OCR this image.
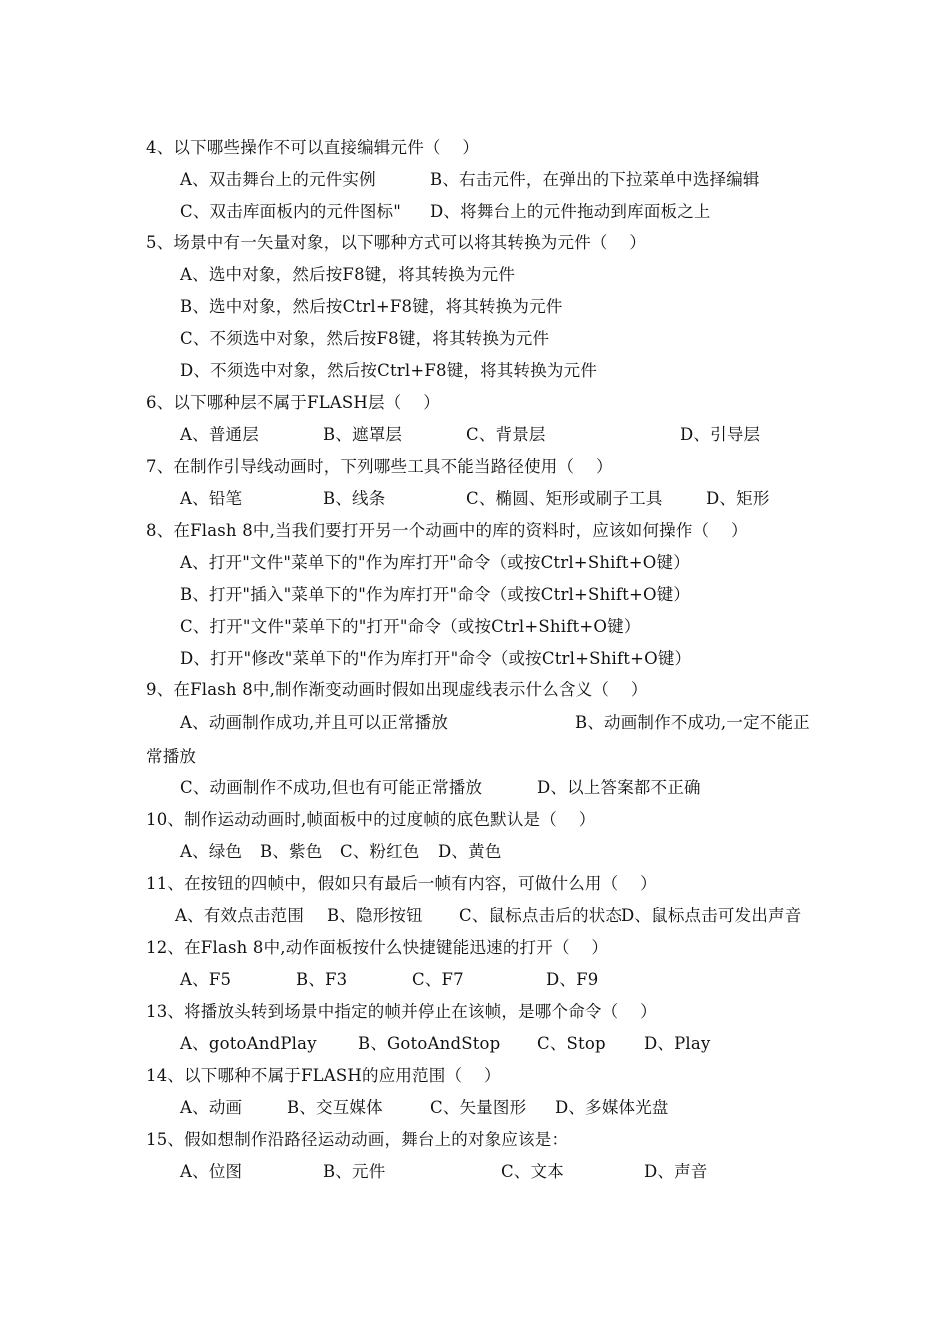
4、以下哪些操作不可以直接编辑元件（    ）

A、双击舞台上的元件实例

	B、右击元件，在弹出的下拉菜单中选择编辑

C、双击库面板内的元件图标"

D、将舞台上的元件拖动到库面板之上

5、场景中有一矢量对象，以下哪种方式可以将其转换为元件（    ）
A、选中对象，然后按F8键，将其转换为元件
B、选中对象，然后按Ctrl+F8键，将其转换为元件
C、不须选中对象，然后按F8键，将其转换为元件
D、不须选中对象，然后按Ctrl+F8键，将其转换为元件
6、以下哪种层不属于FLASH层（    ）

A、普通层

	B、遮罩层

	C、背景层

	D、引导层

7、在制作引导线动画时，下列哪些工具不能当路径使用（    ）

A、铅笔

	B、线条

	C、椭圆、矩形或刷子工具

	D、矩形

8、在Flash 8中,当我们要打开另一个动画中的库的资料时，应该如何操作（    ）
A、打开"文件"菜单下的"作为库打开"命令（或按Ctrl+Shift+O键）
B、打开"插入"菜单下的"作为库打开"命令（或按Ctrl+Shift+O键）
C、打开"文件"菜单下的"打开"命令（或按Ctrl+Shift+O键）
D、打开"修改"菜单下的"作为库打开"命令（或按Ctrl+Shift+O键）
9、在Flash 8中,制作渐变动画时假如出现虚线表示什么含义（    ）

A、动画制作成功,并且可以正常播放

	B、动画制作不成功,一定不能正

常播放

C、动画制作不成功,但也有可能正常播放

	D、以上答案都不正确

10、制作运动动画时,帧面板中的过度帧的底色默认是（    ）

A、绿色

B、紫色

C、粉红色

D、黄色

11、在按钮的四帧中，假如只有最后一帧有内容，可做什么用（    ）

A、有效点击范围

B、隐形按钮

C、鼠标点击后的状态

D、鼠标点击可发出声音

12、在Flash 8中,动作面板按什么快捷键能迅速的打开（    ）

A、F5

	B、F3

	C、F7

	D、F9

13、将播放头转到场景中指定的帧并停止在该帧，是哪个命令（    ）

A、gotoAndPlay

	B、GotoAndStop

C、Stop

D、Play

14、以下哪种不属于FLASH的应用范围（    ）

A、动画

	B、交互媒体

	C、矢量图形

D、多媒体光盘

15、假如想制作沿路径运动动画，舞台上的对象应该是：

A、位图

	B、元件

	C、文本

	D、声音
